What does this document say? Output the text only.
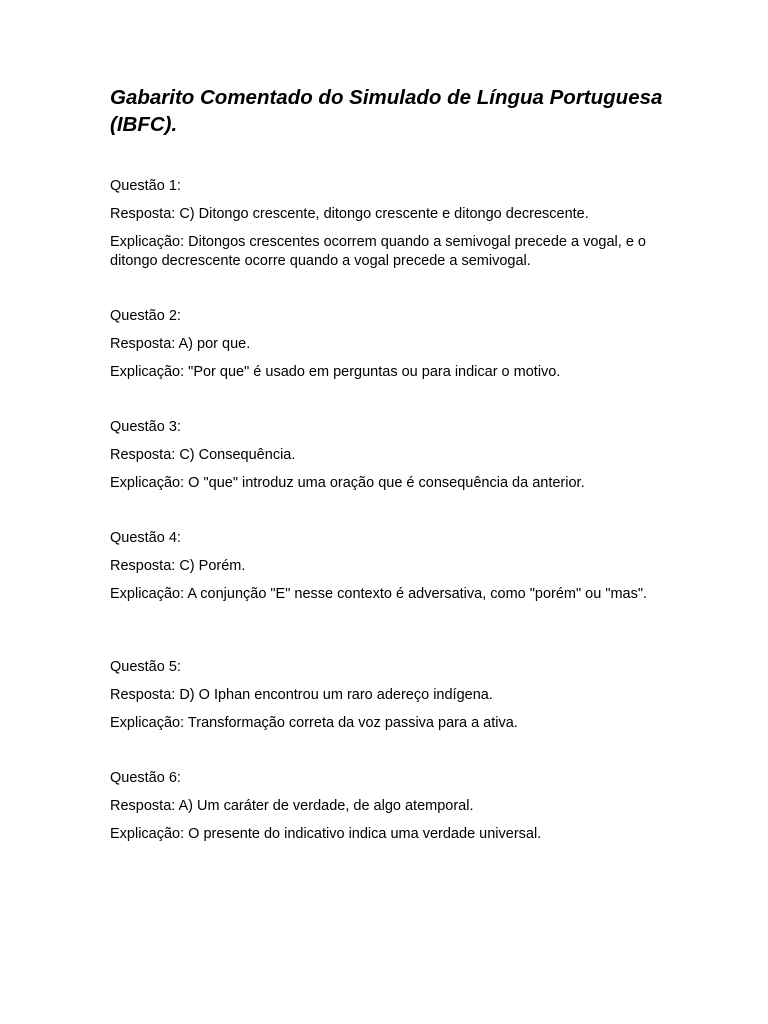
Gabarito Comentado do Simulado de Língua Portuguesa (IBFC).

Questão 1:

Resposta: C) Ditongo crescente, ditongo crescente e ditongo decrescente.

Explicação: Ditongos crescentes ocorrem quando a semivogal precede a vogal, e o ditongo decrescente ocorre quando a vogal precede a semivogal.

Questão 2:

Resposta: A) por que.

Explicação: "Por que" é usado em perguntas ou para indicar o motivo.

Questão 3:

Resposta: C) Consequência.

Explicação: O "que" introduz uma oração que é consequência da anterior.

Questão 4:

Resposta: C) Porém.

Explicação: A conjunção "E" nesse contexto é adversativa, como "porém" ou "mas".

Questão 5:

Resposta: D) O Iphan encontrou um raro adereço indígena.

Explicação: Transformação correta da voz passiva para a ativa.

Questão 6:

Resposta: A) Um caráter de verdade, de algo atemporal.

Explicação: O presente do indicativo indica uma verdade universal.
